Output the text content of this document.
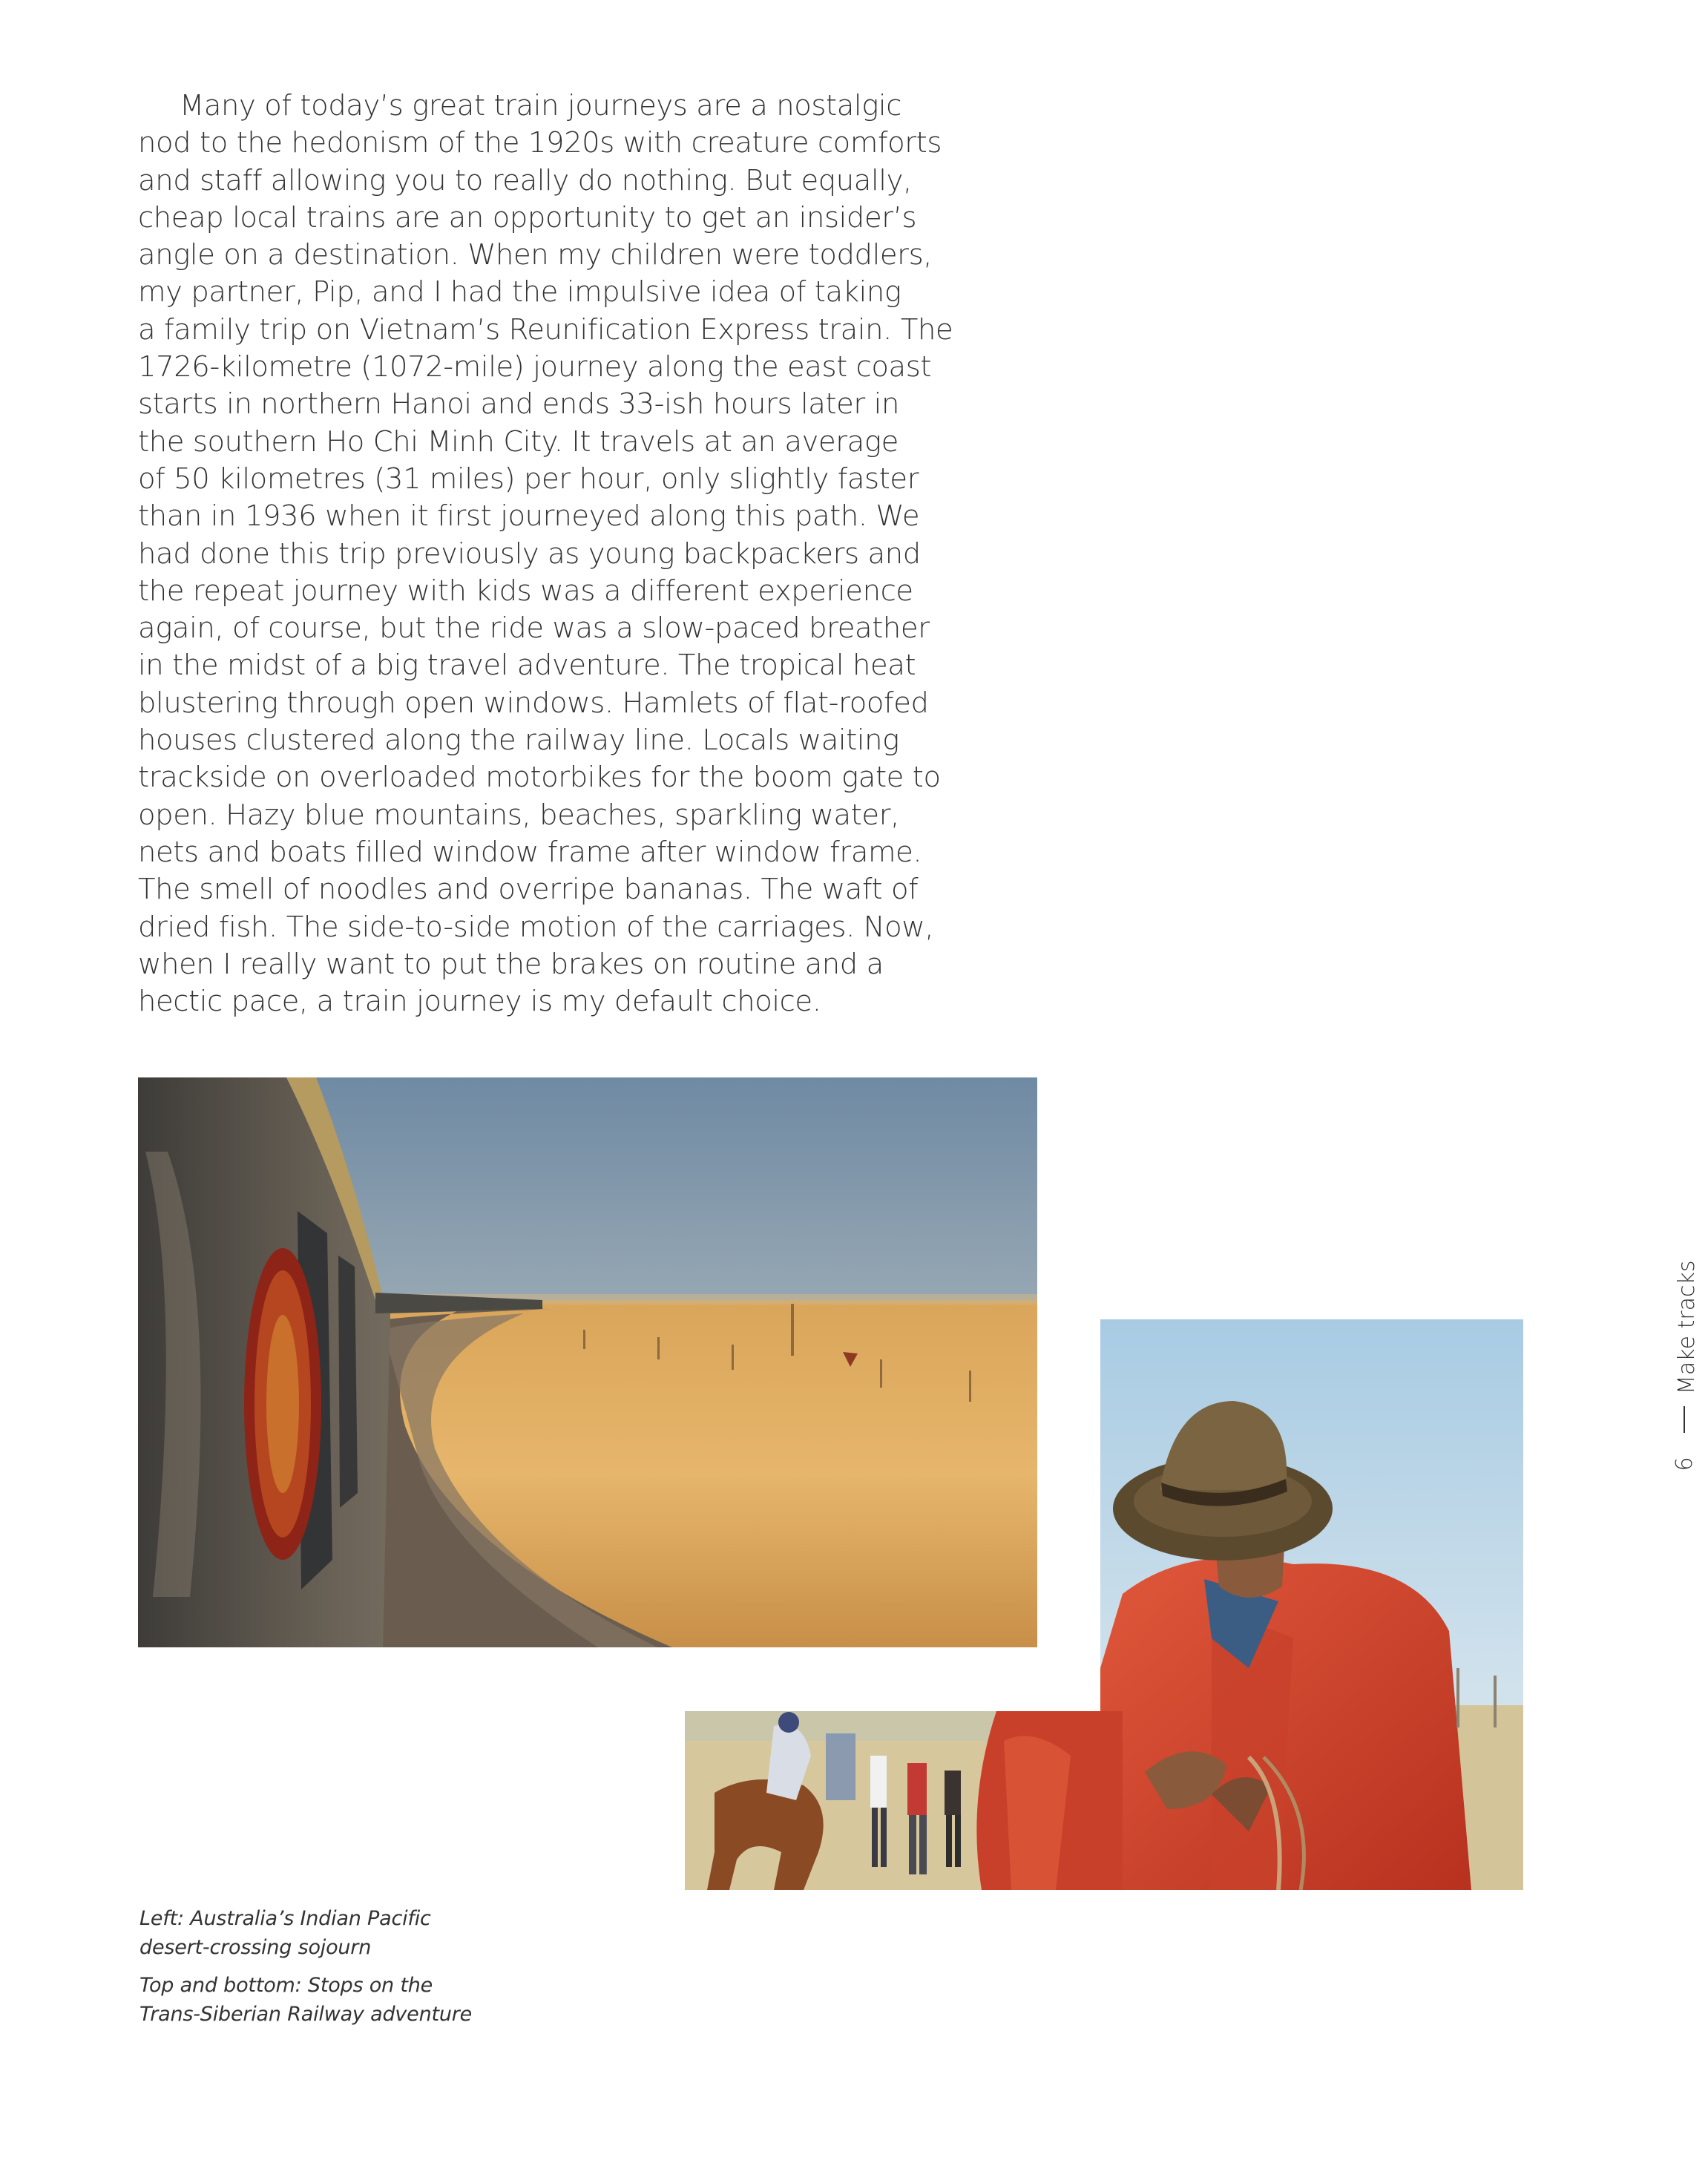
Many of today’s great train journeys are a nostalgic
nod to the hedonism of the 1920s with creature comforts
and staff allowing you to really do nothing. But equally,
cheap local trains are an opportunity to get an insider’s
angle on a destination. When my children were toddlers,
my partner, Pip, and I had the impulsive idea of taking
a family trip on Vietnam’s Reunification Express train. The
1726-kilometre (1072-mile) journey along the east coast
starts in northern Hanoi and ends 33-ish hours later in
the southern Ho Chi Minh City. It travels at an average
of 50 kilometres (31 miles) per hour, only slightly faster
than in 1936 when it first journeyed along this path. We
had done this trip previously as young backpackers and
the repeat journey with kids was a different experience
again, of course, but the ride was a slow-paced breather
in the midst of a big travel adventure. The tropical heat
blustering through open windows. Hamlets of flat-roofed
houses clustered along the railway line. Locals waiting
trackside on overloaded motorbikes for the boom gate to
open. Hazy blue mountains, beaches, sparkling water,
nets and boats filled window frame after window frame.
The smell of noodles and overripe bananas. The waft of
dried fish. The side-to-side motion of the carriages. Now,
when I really want to put the brakes on routine and a
hectic pace, a train journey is my default choice.

Left: Australia’s Indian Pacific
desert-crossing sojourn

Top and bottom: Stops on the
Trans-Siberian Railway adventure

Make tracks
9
